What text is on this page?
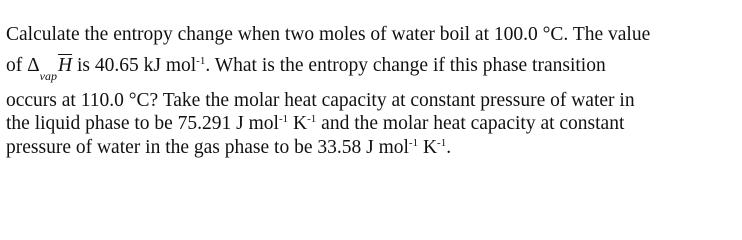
Calculate the entropy change when two moles of water boil at 100.0 °C. The value
of $\Delta_{vap}\overline{H}$ is 40.65 kJ mol$^{-1}$. What is the entropy change if this phase transition
occurs at 110.0 °C? Take the molar heat capacity at constant pressure of water in
the liquid phase to be 75.291 J mol$^{-1}$ $K^{-1}$ and the molar heat capacity at constant
pressure of water in the gas phase to be 33.58 J mol$^{-1}$ $K^{-1}$.
